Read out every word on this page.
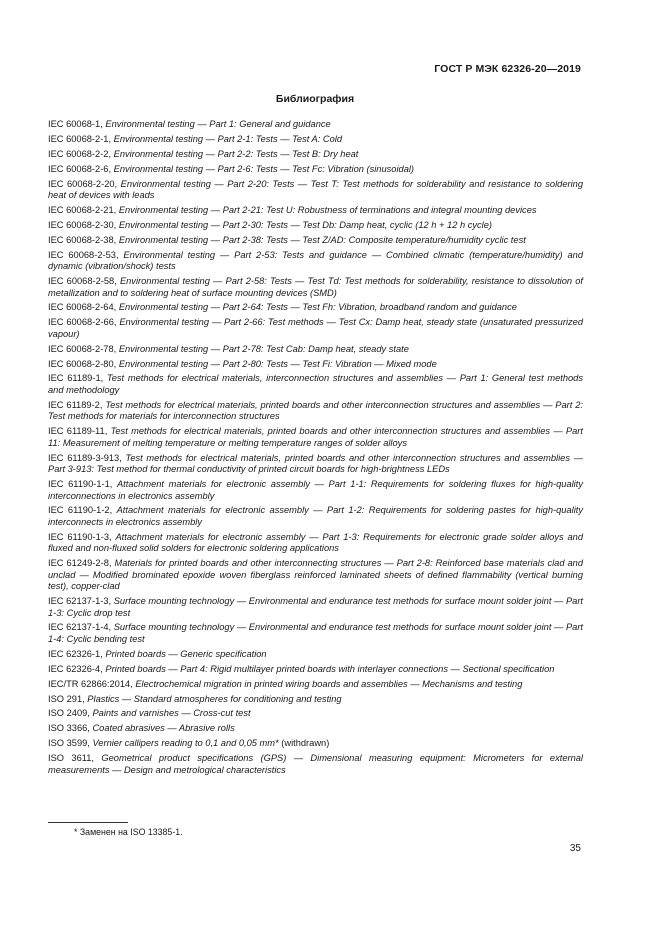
ГОСТ Р МЭК 62326-20—2019
Библиография
IEC 60068-1, Environmental testing — Part 1: General and guidance
IEC 60068-2-1, Environmental testing — Part 2-1: Tests — Test A: Cold
IEC 60068-2-2, Environmental testing — Part 2-2: Tests — Test B: Dry heat
IEC 60068-2-6, Environmental testing — Part 2-6: Tests — Test Fc: Vibration (sinusoidal)
IEC 60068-2-20, Environmental testing — Part 2-20: Tests — Test T: Test methods for solderability and resistance to soldering heat of devices with leads
IEC 60068-2-21, Environmental testing — Part 2-21: Test U: Robustness of terminations and integral mounting devices
IEC 60068-2-30, Environmental testing — Part 2-30: Tests — Test Db: Damp heat, cyclic (12 h + 12 h cycle)
IEC 60068-2-38, Environmental testing — Part 2-38: Tests — Test Z/AD: Composite temperature/humidity cyclic test
IEC 60068-2-53, Environmental testing — Part 2-53: Tests and guidance — Combined climatic (temperature/humidity) and dynamic (vibration/shock) tests
IEC 60068-2-58, Environmental testing — Part 2-58: Tests — Test Td: Test methods for solderability, resistance to dissolution of metallization and to soldering heat of surface mounting devices (SMD)
IEC 60068-2-64, Environmental testing — Part 2-64: Tests — Test Fh: Vibration, broadband random and guidance
IEC 60068-2-66, Environmental testing — Part 2-66: Test methods — Test Cx: Damp heat, steady state (unsaturated pressurized vapour)
IEC 60068-2-78, Environmental testing — Part 2-78: Test Cab: Damp heat, steady state
IEC 60068-2-80, Environmental testing — Part 2-80: Tests — Test Fi: Vibration — Mixed mode
IEC 61189-1, Test methods for electrical materials, interconnection structures and assemblies — Part 1: General test methods and methodology
IEC 61189-2, Test methods for electrical materials, printed boards and other interconnection structures and assemblies — Part 2: Test methods for materials for interconnection structures
IEC 61189-11, Test methods for electrical materials, printed boards and other interconnection structures and assemblies — Part 11: Measurement of melting temperature or melting temperature ranges of solder alloys
IEC 61189-3-913, Test methods for electrical materials, printed boards and other interconnection structures and assemblies — Part 3-913: Test method for thermal conductivity of printed circuit boards for high-brightness LEDs
IEC 61190-1-1, Attachment materials for electronic assembly — Part 1-1: Requirements for soldering fluxes for high-quality interconnections in electronics assembly
IEC 61190-1-2, Attachment materials for electronic assembly — Part 1-2: Requirements for soldering pastes for high-quality interconnects in electronics assembly
IEC 61190-1-3, Attachment materials for electronic assembly — Part 1-3: Requirements for electronic grade solder alloys and fluxed and non-fluxed solid solders for electronic soldering applications
IEC 61249-2-8, Materials for printed boards and other interconnecting structures — Part 2-8: Reinforced base materials clad and unclad — Modified brominated epoxide woven fiberglass reinforced laminated sheets of defined flammability (vertical burning test), copper-clad
IEC 62137-1-3, Surface mounting technology — Environmental and endurance test methods for surface mount solder joint — Part 1-3: Cyclic drop test
IEC 62137-1-4, Surface mounting technology — Environmental and endurance test methods for surface mount solder joint — Part 1-4: Cyclic bending test
IEC 62326-1, Printed boards — Generic specification
IEC 62326-4, Printed boards — Part 4: Rigid multilayer printed boards with interlayer connections — Sectional specification
IEC/TR 62866:2014, Electrochemical migration in printed wiring boards and assemblies — Mechanisms and testing
ISO 291, Plastics — Standard atmospheres for conditioning and testing
ISO 2409, Paints and varnishes — Cross-cut test
ISO 3366, Coated abrasives — Abrasive rolls
ISO 3599, Vernier callipers reading to 0,1 and 0,05 mm* (withdrawn)
ISO 3611, Geometrical product specifications (GPS) — Dimensional measuring equipment: Micrometers for external measurements — Design and metrological characteristics
* Заменен на ISO 13385-1.
35
